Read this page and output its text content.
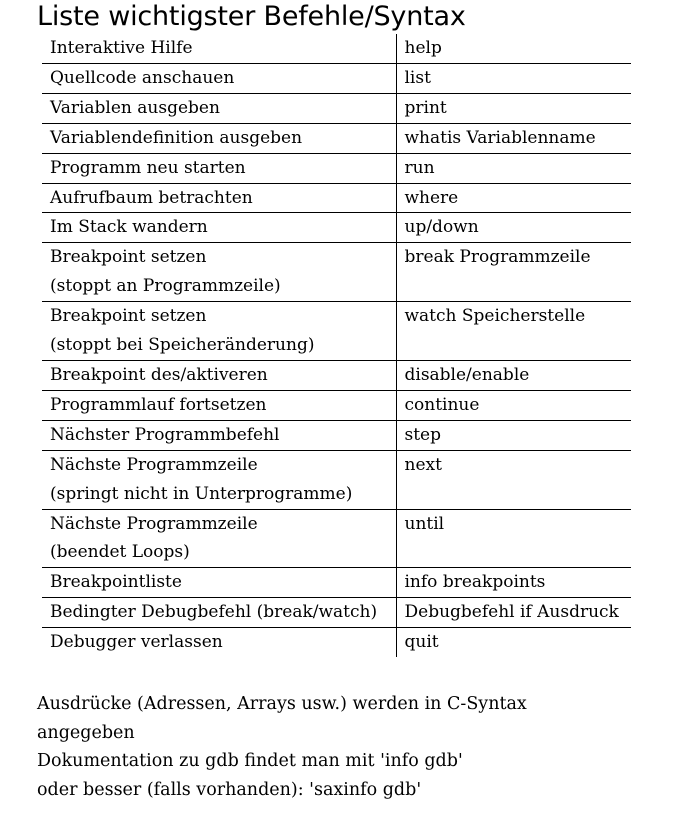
Liste wichtigster Befehle/Syntax
Interaktive Hilfe	help

Quellcode anschauen	list

Variablen ausgeben	print

Variablendefinition ausgeben	whatis Variablenname

Programm neu starten	run

Aufrufbaum betrachten	where

Im Stack wandern	up/down

Breakpoint setzen
(stoppt an Programmzeile)	break Programmzeile

Breakpoint setzen
(stoppt bei Speicheränderung)	watch Speicherstelle

Breakpoint des/aktiveren	disable/enable

Programmlauf fortsetzen	continue

Nächster Programmbefehl	step

Nächste Programmzeile
(springt nicht in Unterprogramme)	next

Nächste Programmzeile
(beendet Loops)	until

Breakpointliste	info breakpoints

Bedingter Debugbefehl (break/watch)	Debugbefehl if Ausdruck

Debugger verlassen	quit
Ausdrücke (Adressen, Arrays usw.) werden in C-Syntax
angegeben
Dokumentation zu gdb findet man mit 'info gdb'
oder besser (falls vorhanden): 'saxinfo gdb'
